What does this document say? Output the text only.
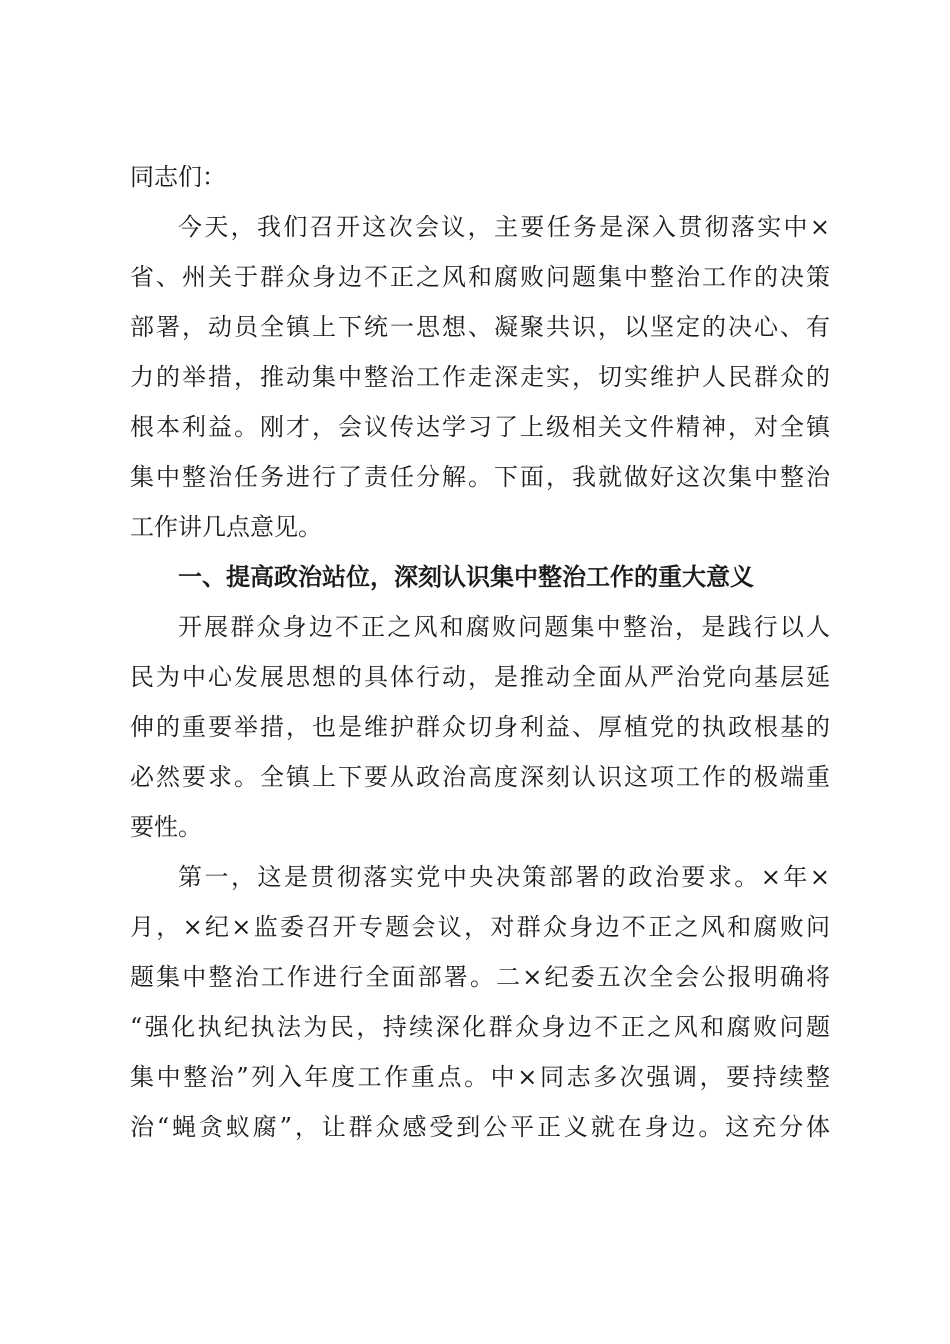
同志们：
今天，我们召开这次会议，主要任务是深入贯彻落实中×
省、州关于群众身边不正之风和腐败问题集中整治工作的决策
部署，动员全镇上下统一思想、凝聚共识，以坚定的决心、有
力的举措，推动集中整治工作走深走实，切实维护人民群众的
根本利益。刚才，会议传达学习了上级相关文件精神，对全镇
集中整治任务进行了责任分解。下面，我就做好这次集中整治
工作讲几点意见。
一、提高政治站位，深刻认识集中整治工作的重大意义
开展群众身边不正之风和腐败问题集中整治，是践行以人
民为中心发展思想的具体行动，是推动全面从严治党向基层延
伸的重要举措，也是维护群众切身利益、厚植党的执政根基的
必然要求。全镇上下要从政治高度深刻认识这项工作的极端重
要性。
第一，这是贯彻落实党中央决策部署的政治要求。×年×
月，×纪×监委召开专题会议，对群众身边不正之风和腐败问
题集中整治工作进行全面部署。二×纪委五次全会公报明确将
“强化执纪执法为民，持续深化群众身边不正之风和腐败问题
集中整治”列入年度工作重点。中×同志多次强调，要持续整
治“蝇贪蚁腐”，让群众感受到公平正义就在身边。这充分体
